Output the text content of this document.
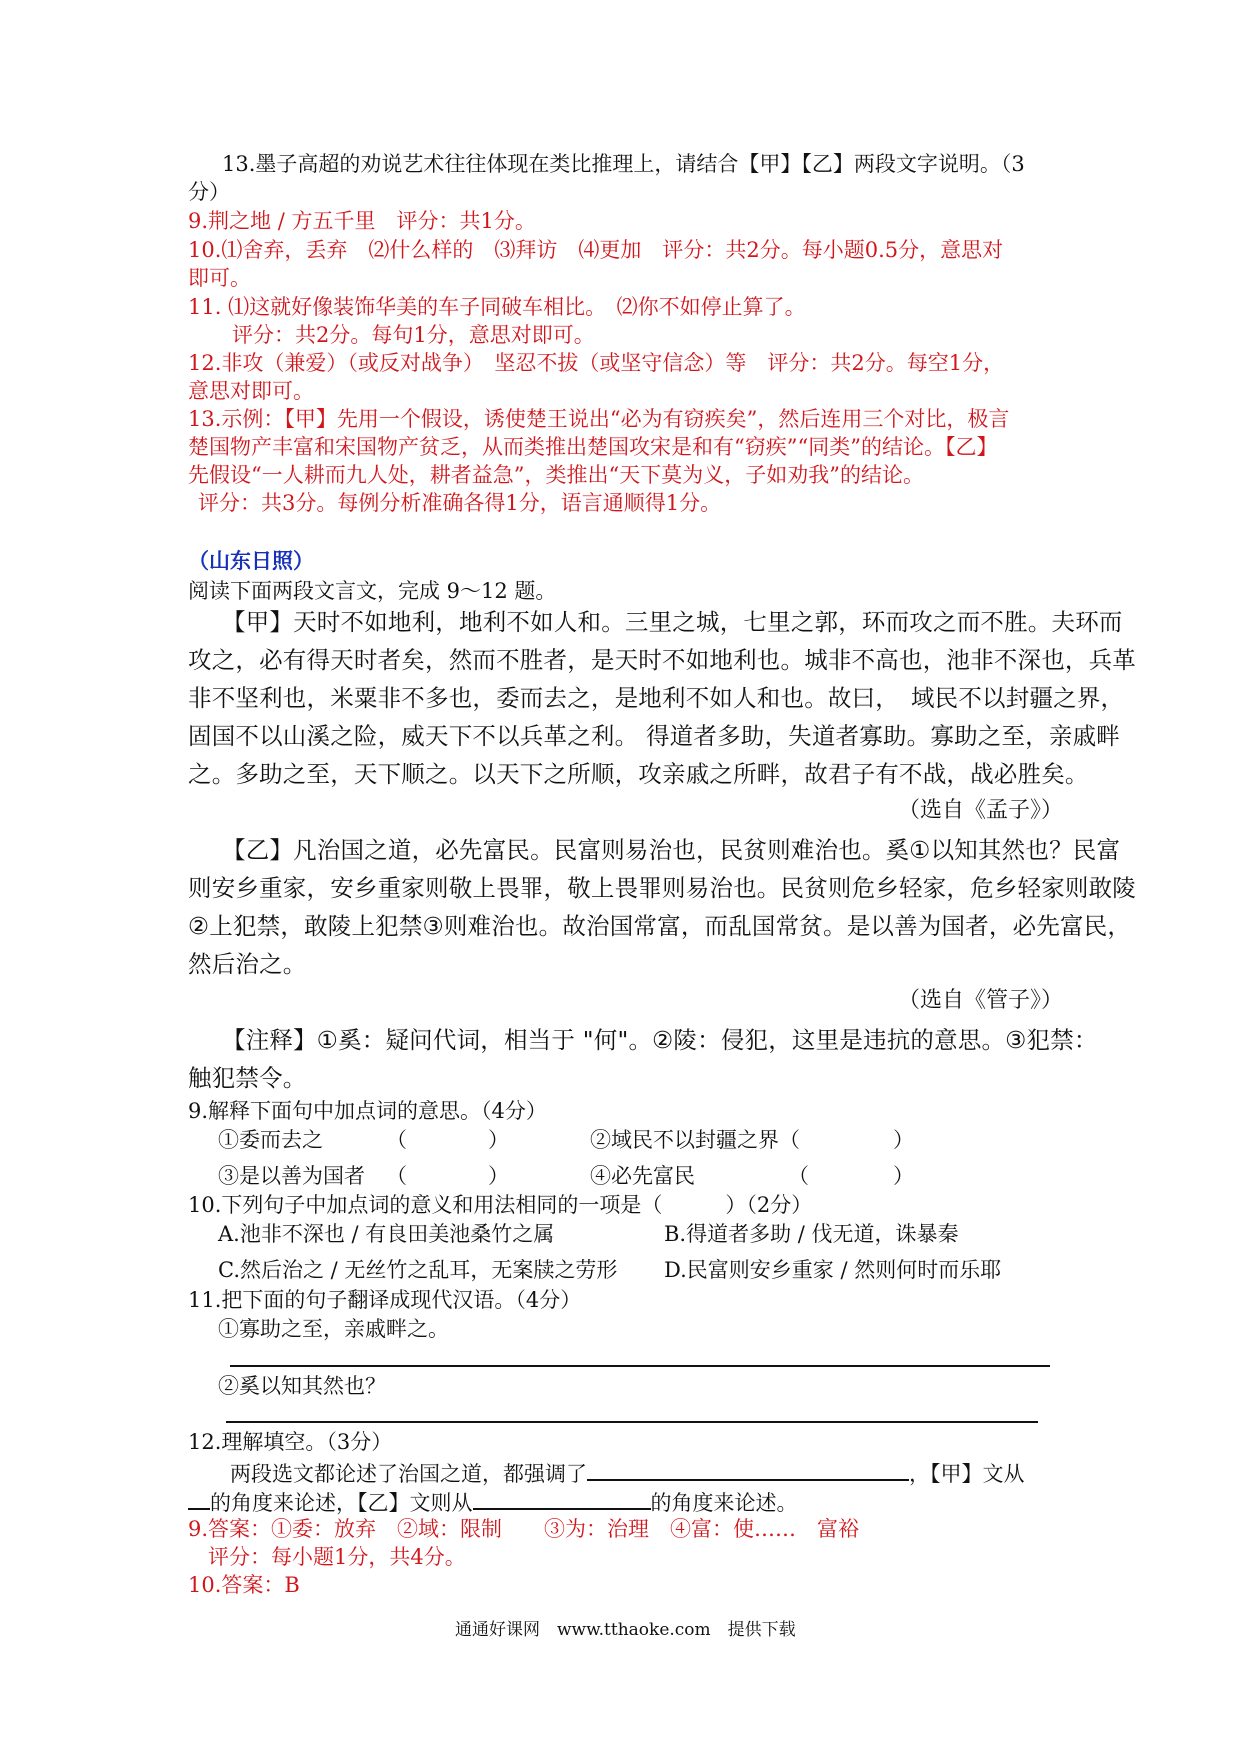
13.墨子高超的劝说艺术往往体现在类比推理上，请结合【甲】【乙】两段文字说明。（3
分）
9.荆之地 / 方五千里　评分：共1分。
10.⑴舍弃，丢弃　⑵什么样的　⑶拜访　⑷更加　评分：共2分。每小题0.5分，意思对
即可。
11. ⑴这就好像装饰华美的车子同破车相比。　⑵你不如停止算了。
评分：共2分。每句1分，意思对即可。
12.非攻（兼爱）（或反对战争）　坚忍不拔（或坚守信念）等　评分：共2分。每空1分，
意思对即可。
13.示例：【甲】先用一个假设，诱使楚王说出“必为有窃疾矣”，然后连用三个对比，极言
楚国物产丰富和宋国物产贫乏，从而类推出楚国攻宋是和有“窃疾”“同类”的结论。【乙】
先假设“一人耕而九人处，耕者益急”，类推出“天下莫为义，子如劝我”的结论。
评分：共3分。每例分析准确各得1分，语言通顺得1分。
（山东日照）
阅读下面两段文言文，完成 9～12 题。
【甲】天时不如地利，地利不如人和。三里之城，七里之郭，环而攻之而不胜。夫环而
攻之，必有得天时者矣，然而不胜者，是天时不如地利也。城非不高也，池非不深也，兵革
非不坚利也，米粟非不多也，委而去之，是地利不如人和也。故曰，　域民不以封疆之界，
固国不以山溪之险，威天下不以兵革之利。 得道者多助，失道者寡助。寡助之至，亲戚畔
之。多助之至，天下顺之。以天下之所顺，攻亲戚之所畔，故君子有不战，战必胜矣。
（选自《孟子》）
【乙】凡治国之道，必先富民。民富则易治也，民贫则难治也。奚①以知其然也？民富
则安乡重家，安乡重家则敬上畏罪，敬上畏罪则易治也。民贫则危乡轻家，危乡轻家则敢陵
②上犯禁，敢陵上犯禁③则难治也。故治国常富，而乱国常贫。是以善为国者，必先富民，
然后治之。
（选自《管子》）
【注释】①奚：疑问代词，相当于 "何"。②陵：侵犯，这里是违抗的意思。③犯禁：
触犯禁令。
9.解释下面句中加点词的意思。（4分）
①委而去之	（	）	②域民不以封疆之界（	）
③是以善为国者 （	）	④必先富民	（	）
10.下列句子中加点词的意义和用法相同的一项是（　　　）（2分）
A.池非不深也 / 有良田美池桑竹之属	B.得道者多助 / 伐无道，诛暴秦
C.然后治之 / 无丝竹之乱耳，无案牍之劳形 D.民富则安乡重家 / 然则何时而乐耶
11.把下面的句子翻译成现代汉语。（4分）
①寡助之至，亲戚畔之。
②奚以知其然也？
12.理解填空。（3分）
两段选文都论述了治国之道，都强调了	，【甲】文从
的角度来论述，【乙】文则从	的角度来论述。
9.答案：①委：放弃　②域：限制　　③为：治理　④富：使……　富裕
评分：每小题1分，共4分。
10.答案：B
通通好课网　www.tthaoke.com　提供下载
